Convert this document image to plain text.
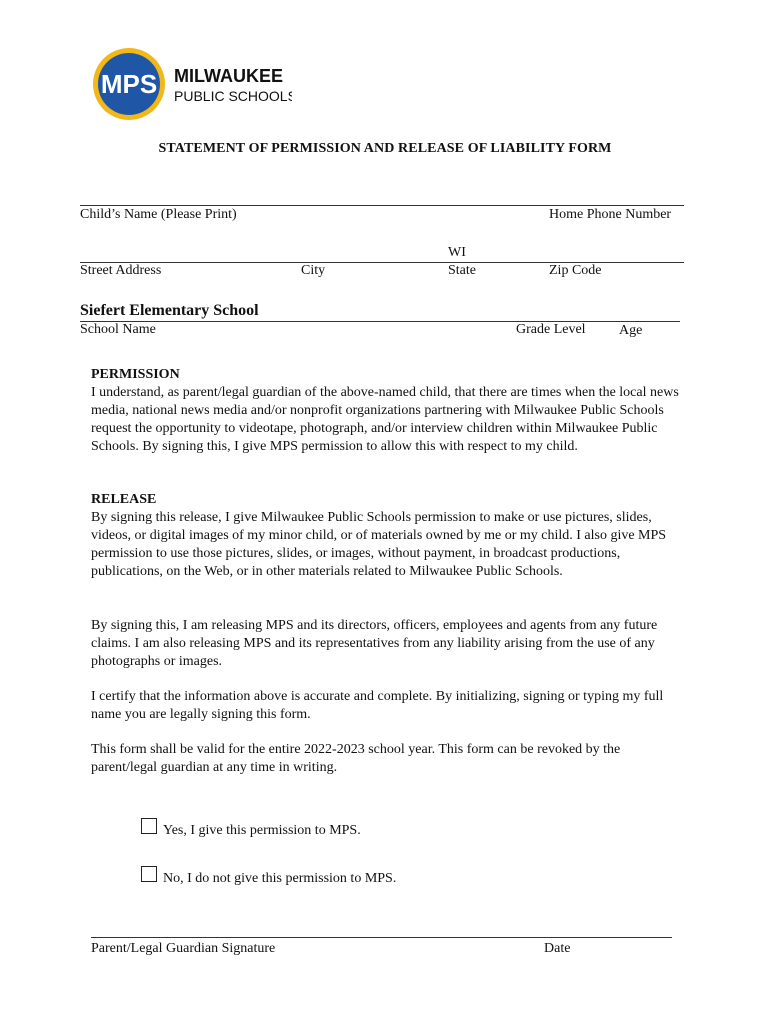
MPS MILWAUKEE
PUBLIC SCHOOLS
STATEMENT OF PERMISSION AND RELEASE OF LIABILITY FORM
Child’s Name (Please Print)	Home Phone Number
WI
Street Address	City	State	Zip Code
Siefert Elementary School
School Name	Grade Level Age
PERMISSION
I understand, as parent/legal guardian of the above-named child, that there are times when the local news media, national news media and/or nonprofit organizations partnering with Milwaukee Public Schools request the opportunity to videotape, photograph, and/or interview children within Milwaukee Public Schools. By signing this, I give MPS permission to allow this with respect to my child.
RELEASE
By signing this release, I give Milwaukee Public Schools permission to make or use pictures, slides, videos, or digital images of my minor child, or of materials owned by me or my child. I also give MPS permission to use those pictures, slides, or images, without payment, in broadcast productions, publications, on the Web, or in other materials related to Milwaukee Public Schools.
By signing this, I am releasing MPS and its directors, officers, employees and agents from any future claims. I am also releasing MPS and its representatives from any liability arising from the use of any photographs or images.
I certify that the information above is accurate and complete. By initializing, signing or typing my full name you are legally signing this form.
This form shall be valid for the entire 2022-2023 school year. This form can be revoked by the parent/legal guardian at any time in writing.
Yes, I give this permission to MPS.
No, I do not give this permission to MPS.
Parent/Legal Guardian Signature	Date
